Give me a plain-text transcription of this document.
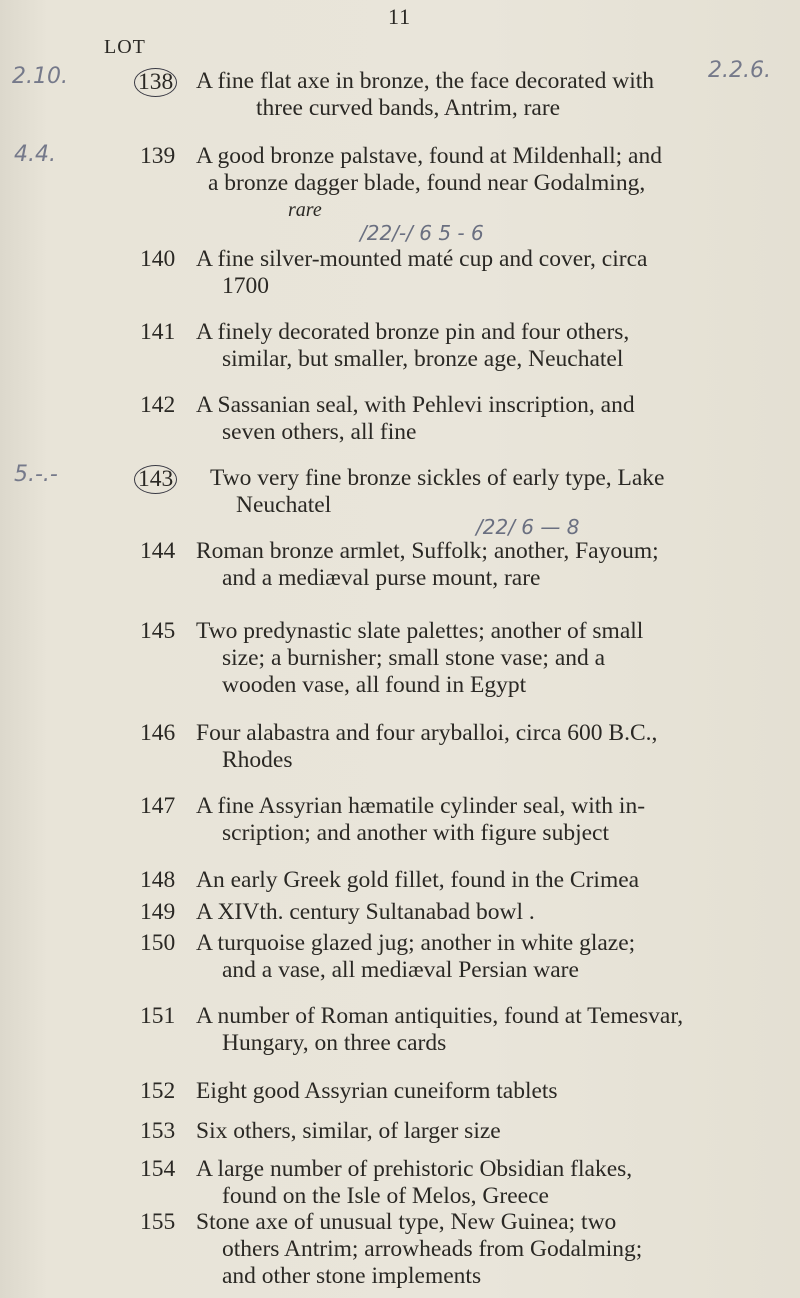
11
LOT
2.10.
4.4.
5.-.-
2.2.6.
/22/-/ 6 5 - 6
/22/ 6 — 8
138 A fine flat axe in bronze, the face decorated with
three curved bands, Antrim, rare
139 A good bronze palstave, found at Mildenhall; and
a bronze dagger blade, found near Godalming,
rare
140 A fine silver-mounted maté cup and cover, circa
1700
141 A finely decorated bronze pin and four others,
similar, but smaller, bronze age, Neuchatel
142 A Sassanian seal, with Pehlevi inscription, and
seven others, all fine
143	Two very fine bronze sickles of early type, Lake
Neuchatel
144 Roman bronze armlet, Suffolk; another, Fayoum;
and a mediæval purse mount, rare
145 Two predynastic slate palettes; another of small
size; a burnisher; small stone vase; and a
wooden vase, all found in Egypt
146 Four alabastra and four aryballoi, circa 600 B.C.,
Rhodes
147 A fine Assyrian hæmatile cylinder seal, with in-
scription; and another with figure subject
148 An early Greek gold fillet, found in the Crimea
149 A XIVth. century Sultanabad bowl .
150 A turquoise glazed jug; another in white glaze;
and a vase, all mediæval Persian ware
151 A number of Roman antiquities, found at Temesvar,
Hungary, on three cards
152 Eight good Assyrian cuneiform tablets
153 Six others, similar, of larger size
154 A large number of prehistoric Obsidian flakes,
found on the Isle of Melos, Greece
155 Stone axe of unusual type, New Guinea; two
others Antrim; arrowheads from Godalming;
and other stone implements
